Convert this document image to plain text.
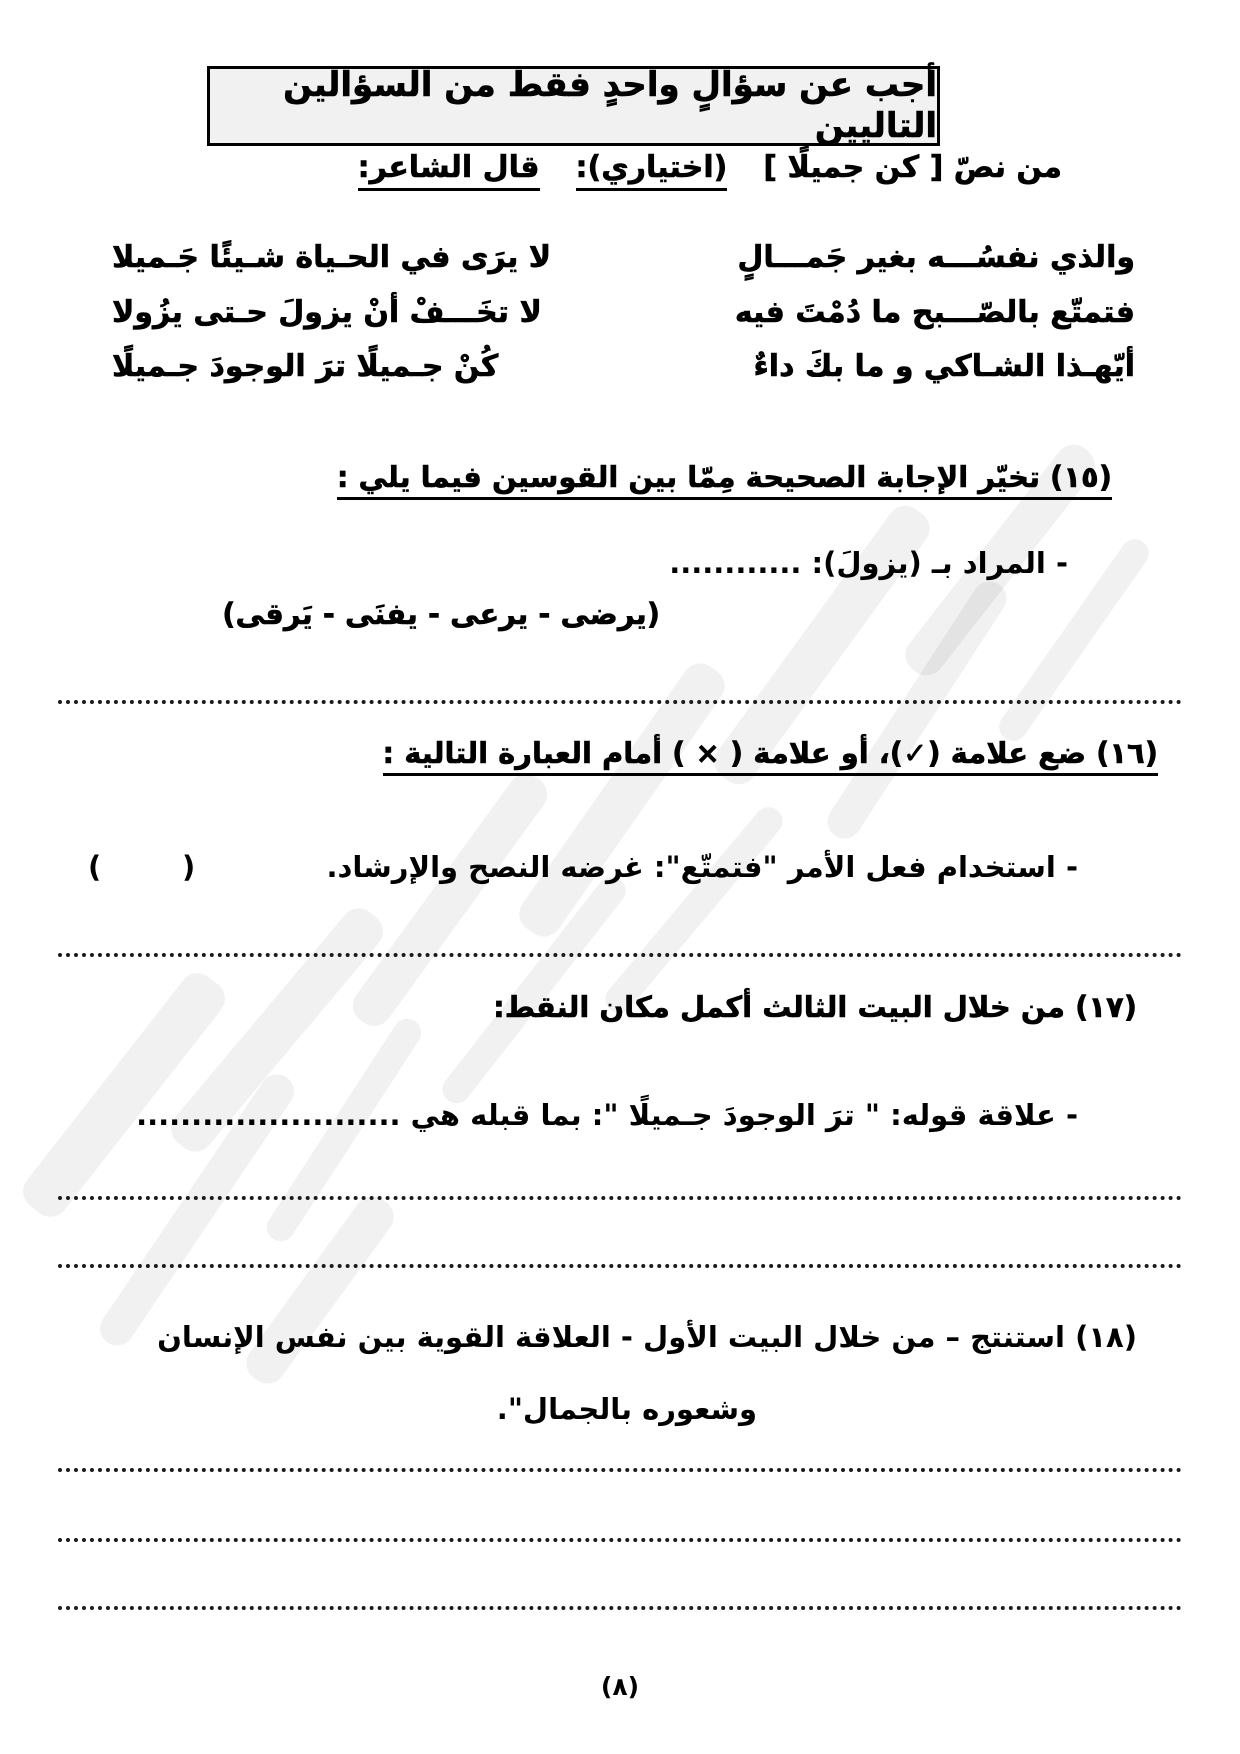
أجب عن سؤالٍ واحدٍ فقط من السؤالين التاليين
من نصّ [ كن جميلًا ]
(اختياري):
قال الشاعر:
والذي نفسُـــه بغير جَمـــالٍ
لا يرَى في الحـياة شـيئًا جَـميلا
فتمتّع بالصّـــبح ما دُمْتَ فيه
لا تخَـــفْ أنْ يزولَ حـتى يزُولا
أيّهـذا الشـاكي و ما بكَ داءٌ
كُنْ جـميلًا ترَ الوجودَ جـميلًا
(١٥) تخيّر الإجابة الصحيحة مِمّا بين القوسين فيما يلي :
- المراد بـ (يزولَ): ............
(يرضى - يرعى - يفنَى - يَرقى)
(١٦) ضع علامة (✓)، أو علامة ( × ) أمام العبارة التالية :
- استخدام فعل الأمر "فتمتّع": غرضه النصح والإرشاد.
(        )
(١٧) من خلال البيت الثالث أكمل مكان النقط:
- علاقة قوله: " ترَ الوجودَ جـميلًا ": بما قبله هي ........................
(١٨) استنتج – من خلال البيت الأول - العلاقة القوية بين نفس الإنسان
وشعوره بالجمال".
(٨)
